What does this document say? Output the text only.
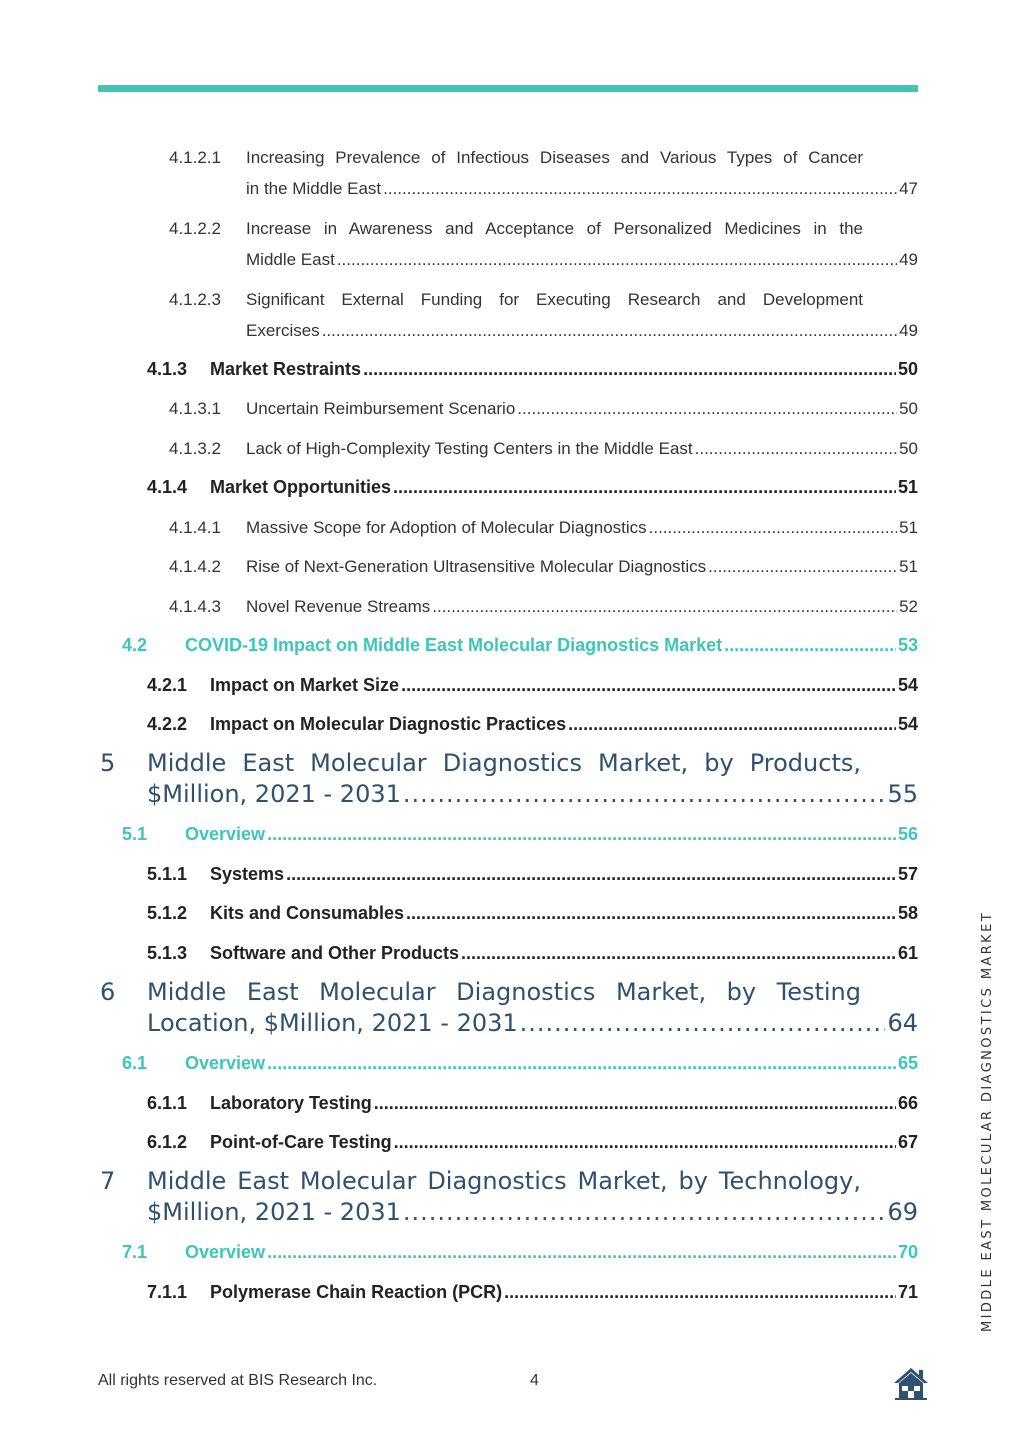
4.1.2.1 Increasing Prevalence of Infectious Diseases and Various Types of Cancer
in the Middle East .....	47
4.1.2.2 Increase in Awareness and Acceptance of Personalized Medicines in the
Middle East .....	49
4.1.2.3 Significant External Funding for Executing Research and Development
Exercises .....	49
4.1.3 Market Restraints .....	50
4.1.3.1 Uncertain Reimbursement Scenario .....	50
4.1.3.2 Lack of High-Complexity Testing Centers in the Middle East .....	50
4.1.4 Market Opportunities .....	51
4.1.4.1 Massive Scope for Adoption of Molecular Diagnostics .....	51
4.1.4.2 Rise of Next-Generation Ultrasensitive Molecular Diagnostics .....	51
4.1.4.3 Novel Revenue Streams .....	52
4.2 COVID-19 Impact on Middle East Molecular Diagnostics Market .....	53
4.2.1 Impact on Market Size .....	54
4.2.2 Impact on Molecular Diagnostic Practices .....	54
5 Middle East Molecular Diagnostics Market, by Products,
$Million, 2021 - 2031 .....	55
5.1 Overview .....	56
5.1.1 Systems .....	57
5.1.2 Kits and Consumables .....	58
5.1.3 Software and Other Products .....	61
6 Middle East Molecular Diagnostics Market, by Testing
Location, $Million, 2021 - 2031 .....	64
6.1 Overview .....	65
6.1.1 Laboratory Testing .....	66
6.1.2 Point-of-Care Testing .....	67
7 Middle East Molecular Diagnostics Market, by Technology,
$Million, 2021 - 2031 .....	69
7.1 Overview .....	70
7.1.1 Polymerase Chain Reaction (PCR) .....	71	MIDDLE EAST MOLECULAR DIAGNOSTICS MARKET
All rights reserved at BIS Research Inc.	4
